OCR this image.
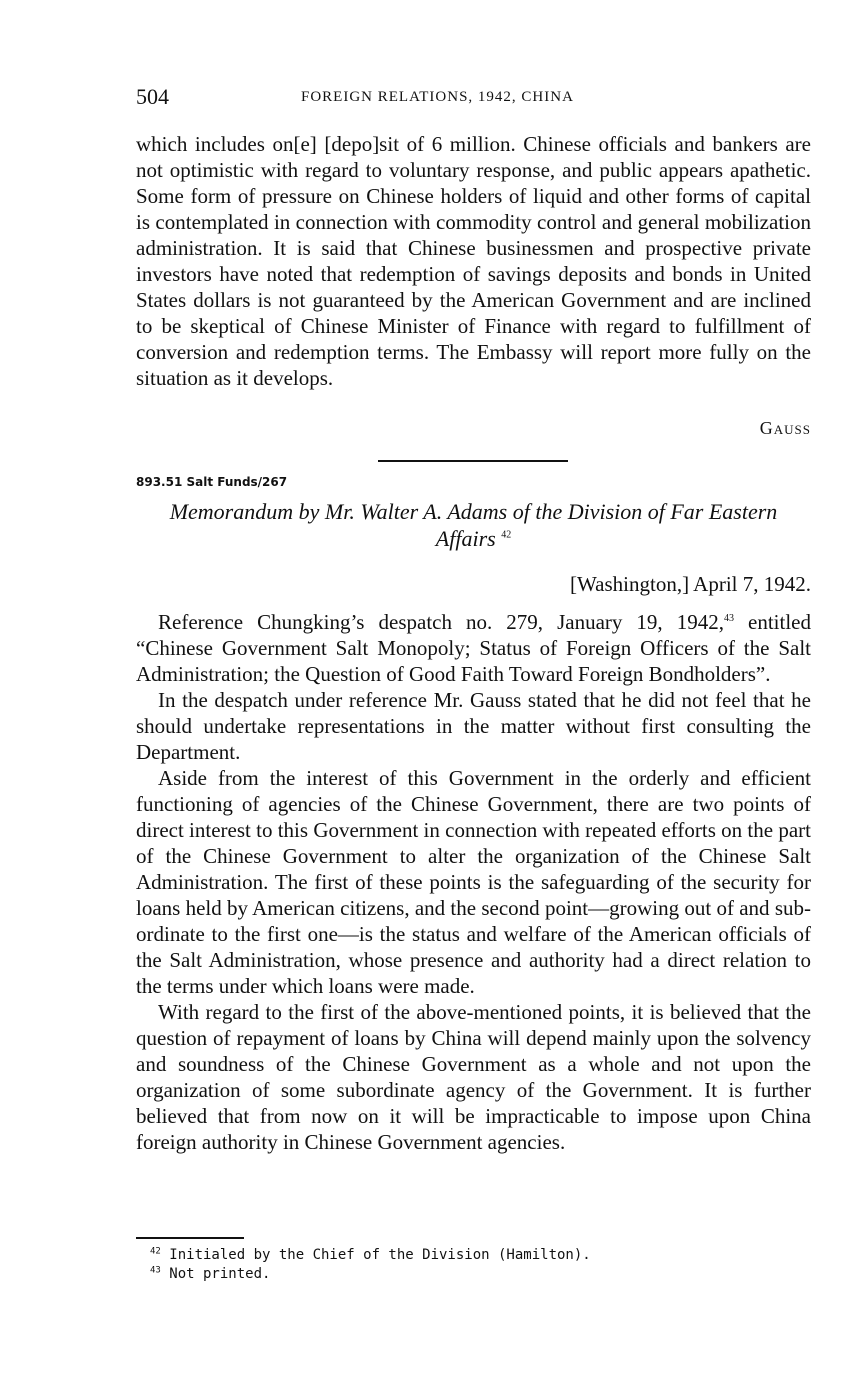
504	FOREIGN RELATIONS, 1942, CHINA

which includes on[e] [depo]sit of 6 million. Chinese officials and bankers are not optimistic with regard to voluntary response, and public appears apathetic. Some form of pressure on Chinese holders of liquid and other forms of capital is contemplated in connection with commodity control and general mobilization administration. It is said that Chinese businessmen and prospective private investors have noted that redemption of savings deposits and bonds in United States dollars is not guaranteed by the American Government and are inclined to be skeptical of Chinese Minister of Finance with regard to fulfillment of conversion and redemption terms. The Embassy will report more fully on the situation as it develops.

Gauss
893.51 Salt Funds/267
Memorandum by Mr. Walter A. Adams of the Division of Far Eastern Affairs $^{42}$
[Washington,] April 7, 1942.

Reference Chungking’s despatch no. 279, January 19, 1942,43 entitled “Chinese Government Salt Monopoly; Status of Foreign Officers of the Salt Administration; the Question of Good Faith Toward Foreign Bondholders”.

In the despatch under reference Mr. Gauss stated that he did not feel that he should undertake representations in the matter without first consulting the Department.

Aside from the interest of this Government in the orderly and efficient functioning of agencies of the Chinese Government, there are two points of direct interest to this Government in connection with repeated efforts on the part of the Chinese Government to alter the organization of the Chinese Salt Administration. The first of these points is the safeguarding of the security for loans held by American citizens, and the second point—growing out of and sub-ordinate to the first one—is the status and welfare of the American officials of the Salt Administration, whose presence and authority had a direct relation to the terms under which loans were made.

With regard to the first of the above-mentioned points, it is believed that the question of repayment of loans by China will depend mainly upon the solvency and soundness of the Chinese Government as a whole and not upon the organization of some subordinate agency of the Government. It is further believed that from now on it will be impracticable to impose upon China foreign authority in Chinese Government agencies.

$^{42}$ Initialed by the Chief of the Division (Hamilton).
$^{43}$ Not printed.
